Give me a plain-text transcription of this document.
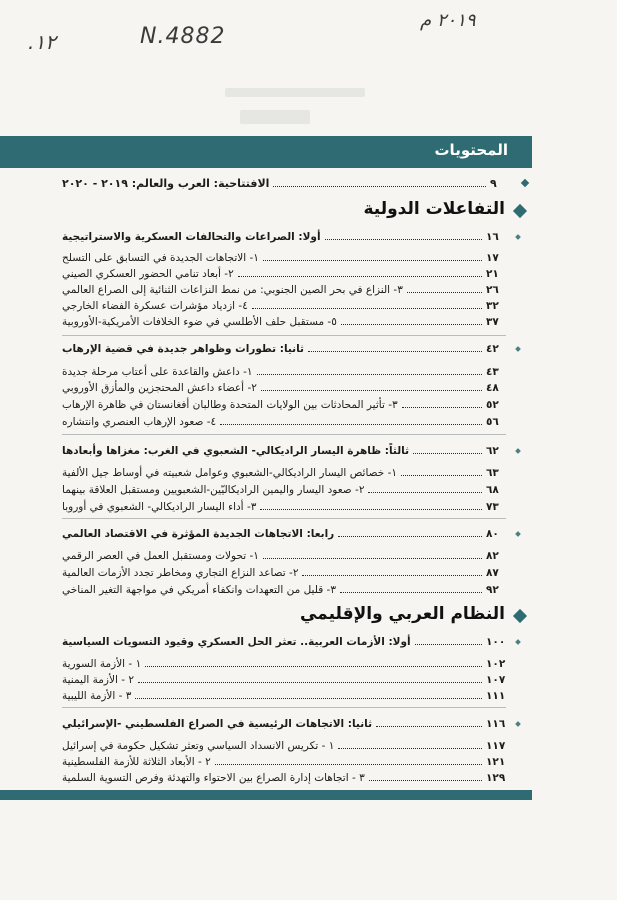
.١٢	N.4882
٢٠١٩ م
المحتويات
الافتتاحية: العرب والعالم: ٢٠١٩ - ٢٠٢٠	٩
التفاعلات الدولية
أولا: الصراعات والتحالفات العسكرية والاستراتيجية	١٦
١- الاتجاهات الجديدة في التسابق على التسلح	١٧
٢- أبعاد تنامي الحضور العسكري الصيني	٢١
٣- النزاع في بحر الصين الجنوبي: من نمط النزاعات الثنائية إلى الصراع العالمي	٢٦
٤- ازدياد مؤشرات عسكرة الفضاء الخارجي	٣٢
٥- مستقبل حلف الأطلسي في ضوء الخلافات الأمريكية-الأوروبية	٣٧
ثانيا: تطورات وظواهر جديدة في قضية الإرهاب	٤٢
١- داعش والقاعدة على أعتاب مرحلة جديدة	٤٣
٢- أعضاء داعش المحتجزين والمأزق الأوروبي	٤٨
٣- تأثير المحادثات بين الولايات المتحدة وطالبان أفغانستان في ظاهرة الإرهاب	٥٢
٤- صعود الإرهاب العنصري وانتشاره	٥٦
ثالثاً: ظاهرة اليسار الراديكالي- الشعبوي في الغرب: مغزاها وأبعادها	٦٢
١- خصائص اليسار الراديكالي-الشعبوي وعوامل شعبيته في أوساط جيل الألفية	٦٣
٢- صعود اليسار واليمين الراديكاليّين-الشعبويين ومستقبل العلاقة بينهما	٦٨
٣- أداء اليسار الراديكالي- الشعبوي في أوروبا	٧٣
رابعا: الاتجاهات الجديدة المؤثرة في الاقتصاد العالمي	٨٠
١- تحولات ومستقبل العمل في العصر الرقمي	٨٢
٢- تصاعد النزاع التجاري ومخاطر تجدد الأزمات العالمية	٨٧
٣- قليل من التعهدات وانكفاء أمريكي في مواجهة التغير المناخي	٩٢
النظام العربي والإقليمي
أولا: الأزمات العربية.. تعثر الحل العسكري وقيود التسويات السياسية	١٠٠
١ - الأزمة السورية	١٠٢
٢ - الأزمة اليمنية	١٠٧
٣ - الأزمة الليبية	١١١
ثانيا: الاتجاهات الرئيسية في الصراع الفلسطيني -الإسرائيلي	١١٦
١ - تكريس الانسداد السياسي وتعثر تشكيل حكومة في إسرائيل	١١٧
٢ - الأبعاد الثلاثة للأزمة الفلسطينية	١٢١
٣ - اتجاهات إدارة الصراع بين الاحتواء والتهدئة وفرص التسوية السلمية	١٢٩
